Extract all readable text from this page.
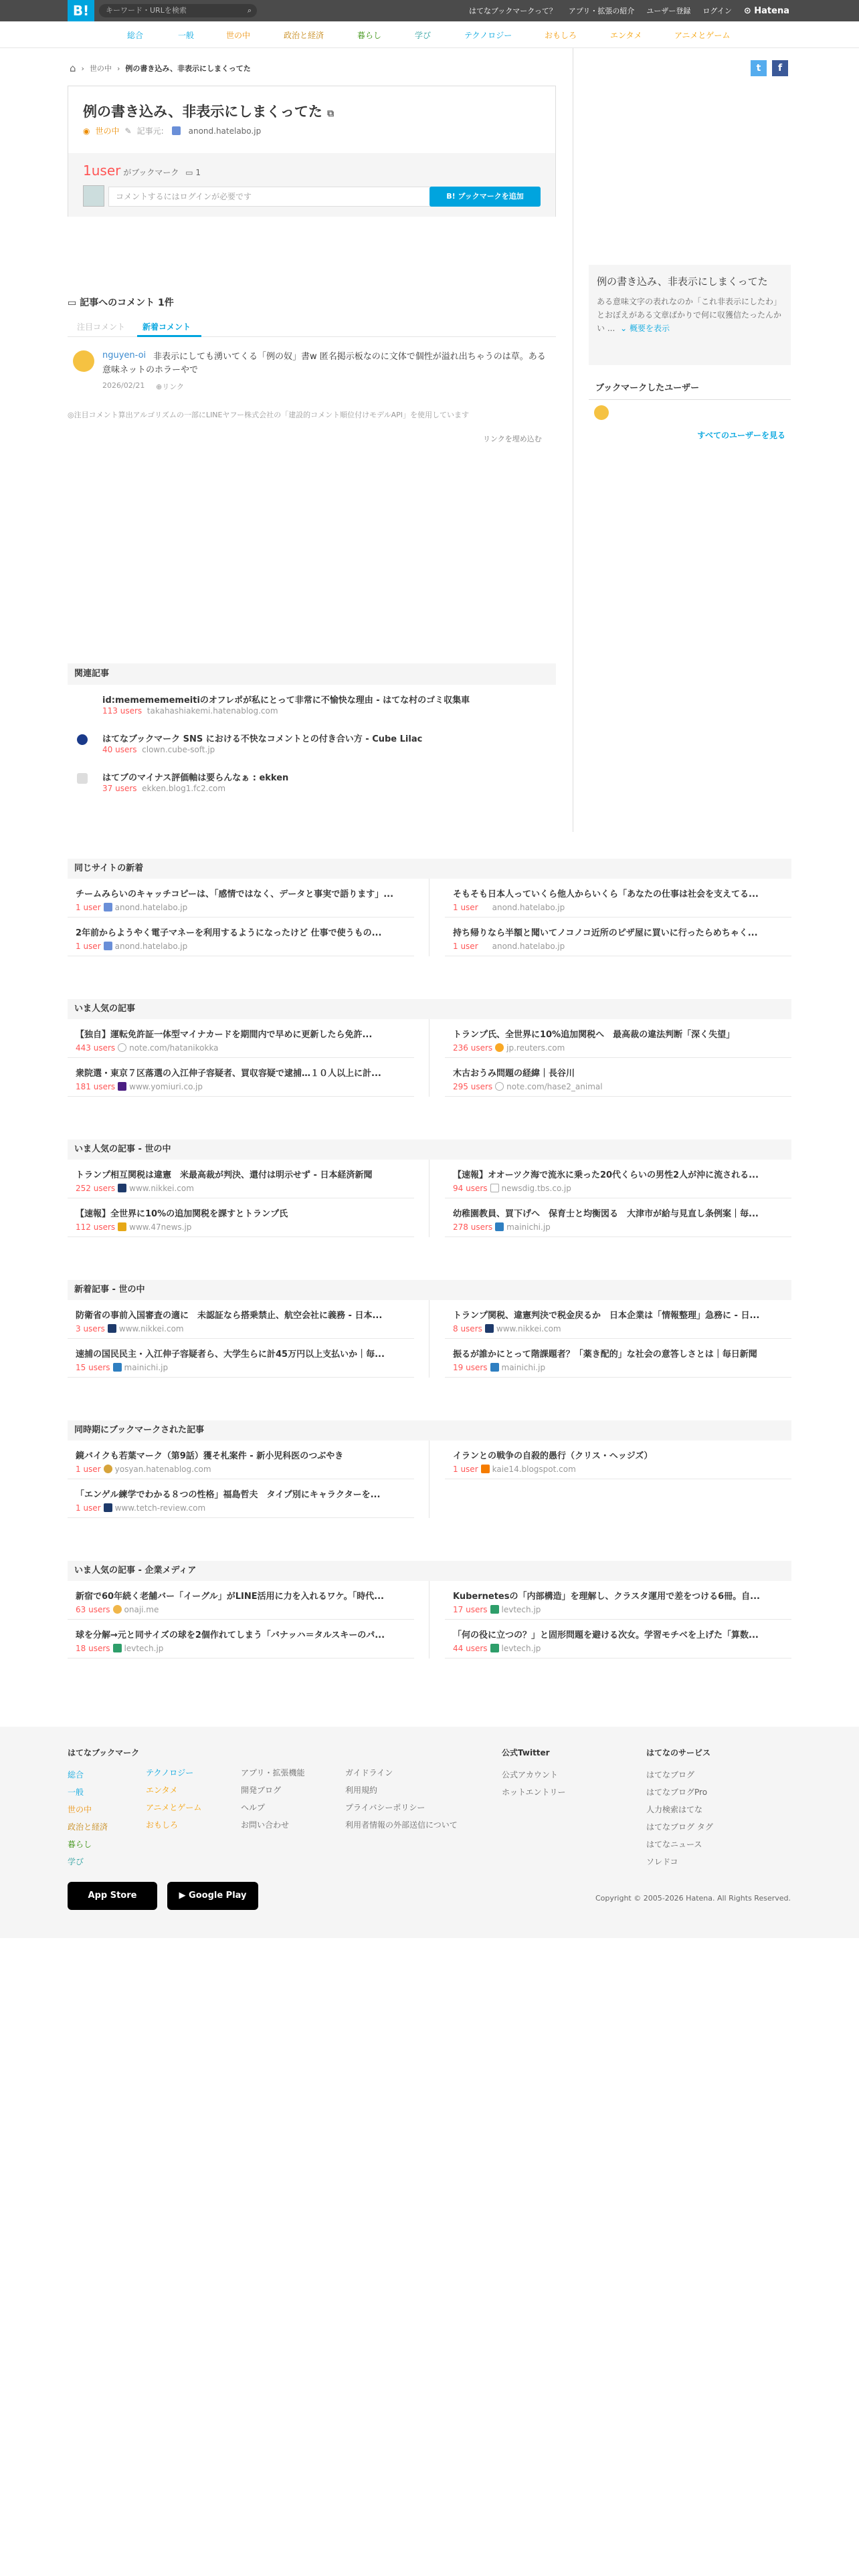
B!	キーワード・URLを検索	⌕	はてなブックマークって？ アプリ・拡張の紹介 ユーザー登録 ログイン ⊙ Hatena
総合	一般	世の中	政治と経済	暮らし	学び	テクノロジー	おもしろ	エンタメ	アニメとゲーム
⌂ › 世の中 › 例の書き込み、非表示にしまくってた	t	f
例の書き込み、非表示にしまくってた ⧉
◉ 世の中 ✎ 記事元:	anond.hatelabo.jp
1user がブックマーク ▭ 1
コメントするにはログインが必要です	B! ブックマークを追加
▭ 記事へのコメント 1件
注目コメント 新着コメント
非表示にしても湧いてくる「例の奴」書w 匿名掲示板なのに文体で個性が溢れ出ちゃうのは草。ある意味ネットのホラーやで
nguyen-oi
2026/02/21 ⊕リンク
◎注目コメント算出アルゴリズムの一部にLINEヤフー株式会社の「建設的コメント順位付けモデルAPI」を使用しています
リンクを埋め込む
関連記事
id:mememememeitiのオフレポが私にとって非常に不愉快な理由 - はてな村のゴミ収集車
113 users takahashiakemi.hatenablog.com
はてなブックマーク SNS における不快なコメントとの付き合い方 - Cube Lilac
40 users clown.cube-soft.jp
はてブのマイナス評価軸は要らんなぁ : ekken
37 users ekken.blog1.fc2.com
例の書き込み、非表示にしまくってた
ある意味文字の表れなのか「これ非表示にしたわ」とおぼえがある文章ばかりで何に収獲信たったんかい ... ⌄ 概要を表示
ブックマークしたユーザー
すべてのユーザーを見る
同じサイトの新着
チームみらいのキャッチコピーは、「感情ではなく、データと事実で語ります」...
1 user anond.hatelabo.jp
そもそも日本人っていくら他人からいくら「あなたの仕事は社会を支えてる...
1 user anond.hatelabo.jp
2年前からようやく電子マネーを利用するようになったけど 仕事で使うもの...
1 user anond.hatelabo.jp
持ち帰りなら半額と聞いてノコノコ近所のピザ屋に買いに行ったらめちゃく...
1 user anond.hatelabo.jp
いま人気の記事
【独自】運転免許証一体型マイナカードを期間内で早めに更新したら免許...
443 users note.com/hatanikokka
トランプ氏、全世界に10%追加関税へ　最高裁の違法判断「深く失望」
236 users jp.reuters.com
衆院選・東京７区落選の入江伸子容疑者、買収容疑で逮捕…１０人以上に計...
181 users www.yomiuri.co.jp
木古おうみ問題の経緯｜長谷川
295 users note.com/hase2_animal
いま人気の記事 - 世の中
トランプ相互関税は違憲　米最高裁が判決、還付は明示せず - 日本経済新聞
252 users www.nikkei.com
【速報】オオーツク海で流氷に乗った20代くらいの男性2人が沖に流される...
94 users newsdig.tbs.co.jp
【速報】全世界に10%の追加関税を課すとトランプ氏
112 users www.47news.jp
幼稚園教員、買下げへ　保育士と均衡図る　大津市が給与見直し条例案｜毎...
278 users mainichi.jp
新着記事 - 世の中
防衛省の事前入国審査の適に　未認証なら搭乗禁止、航空会社に義務 - 日本...
3 users www.nikkei.com
トランプ関税、違憲判決で税金戻るか　日本企業は「情報整理」急務に - 日...
8 users www.nikkei.com
速捕の国民民主・入江伸子容疑者ら、大学生らに計45万円以上支払いか｜毎...
15 users mainichi.jp
振るが誰かにとって階課題者？「薬き配的」な社会の意答しさとは｜毎日新聞
19 users mainichi.jp
同時期にブックマークされた記事
鏡バイクも若葉マーク（第9話）獲そ札案件 - 新小児科医のつぶやき
1 user yosyan.hatenablog.com
イランとの戦争の自殺的愚行（クリス・ヘッジズ）
1 user kaie14.blogspot.com
「エンゲル練学でわかる８つの性格」福島哲夫　タイプ別にキャラクターを...
1 user www.tetch-review.com
いま人気の記事 - 企業メディア
新宿で60年続く老舗バー「イーグル」がLINE活用に力を入れるワケ。「時代...
63 users onaji.me
Kubernetesの「内部構造」を理解し、クラスタ運用で差をつける6冊。自...
17 users levtech.jp
球を分解→元と同サイズの球を2個作れてしまう「バナッハ＝タルスキーのパ...
18 users levtech.jp
「何の役に立つの？」と固形問題を避ける次女。学習モチベを上げた「算数...
44 users levtech.jp
はてなブックマーク
総合
一般
世の中
政治と経済
暮らし
学び
テクノロジー
エンタメ
アニメとゲーム
おもしろ
アプリ・拡張機能
開発ブログ
ヘルプ
お問い合わせ
ガイドライン
利用規約
プライバシーポリシー
利用者情報の外部送信について
公式Twitter
公式アカウント
ホットエントリー
はてなのサービス
はてなブログ
はてなブログPro
人力検索はてな
はてなブログ タグ
はてなニュース
ソレドコ
App Store	▶ Google Play	Copyright © 2005-2026 Hatena. All Rights Reserved.
